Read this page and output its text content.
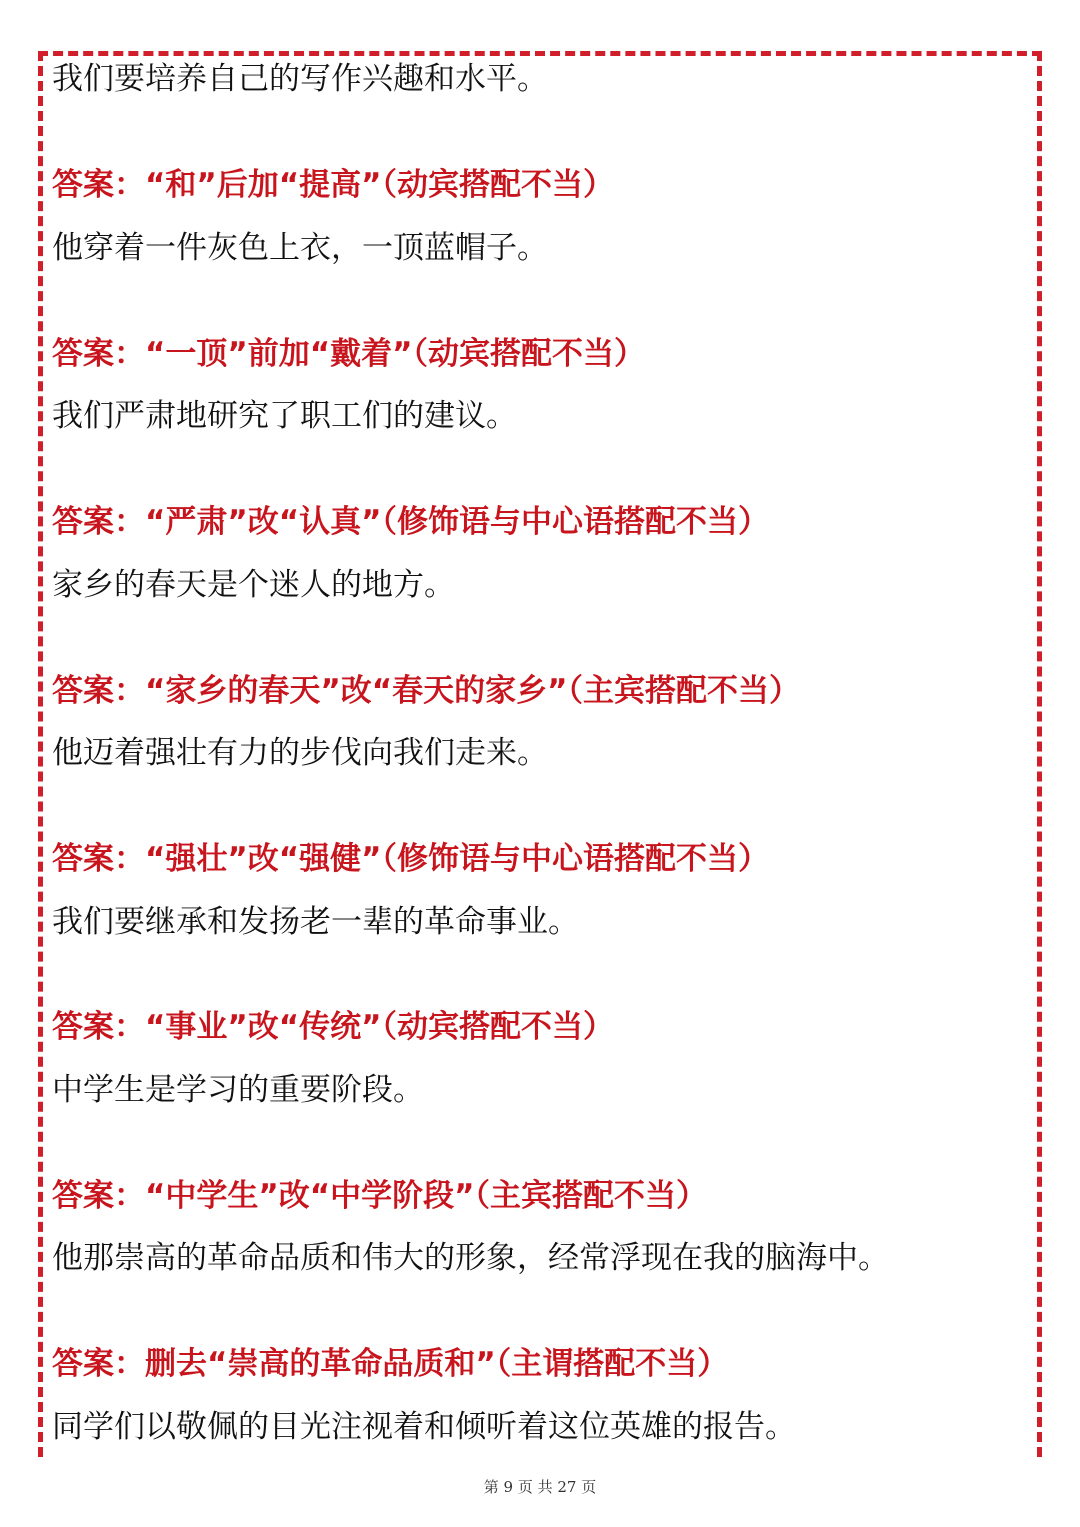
我们要培养自己的写作兴趣和水平。
答案：“和”后加“提高”（动宾搭配不当）
他穿着一件灰色上衣，一顶蓝帽子。
答案：“一顶”前加“戴着”（动宾搭配不当）
我们严肃地研究了职工们的建议。
答案：“严肃”改“认真”（修饰语与中心语搭配不当）
家乡的春天是个迷人的地方。
答案：“家乡的春天”改“春天的家乡”（主宾搭配不当）
他迈着强壮有力的步伐向我们走来。
答案：“强壮”改“强健”（修饰语与中心语搭配不当）
我们要继承和发扬老一辈的革命事业。
答案：“事业”改“传统”（动宾搭配不当）
中学生是学习的重要阶段。
答案：“中学生”改“中学阶段”（主宾搭配不当）
他那崇高的革命品质和伟大的形象，经常浮现在我的脑海中。
答案：删去“崇高的革命品质和”（主谓搭配不当）
同学们以敬佩的目光注视着和倾听着这位英雄的报告。
第 9 页 共 27 页
